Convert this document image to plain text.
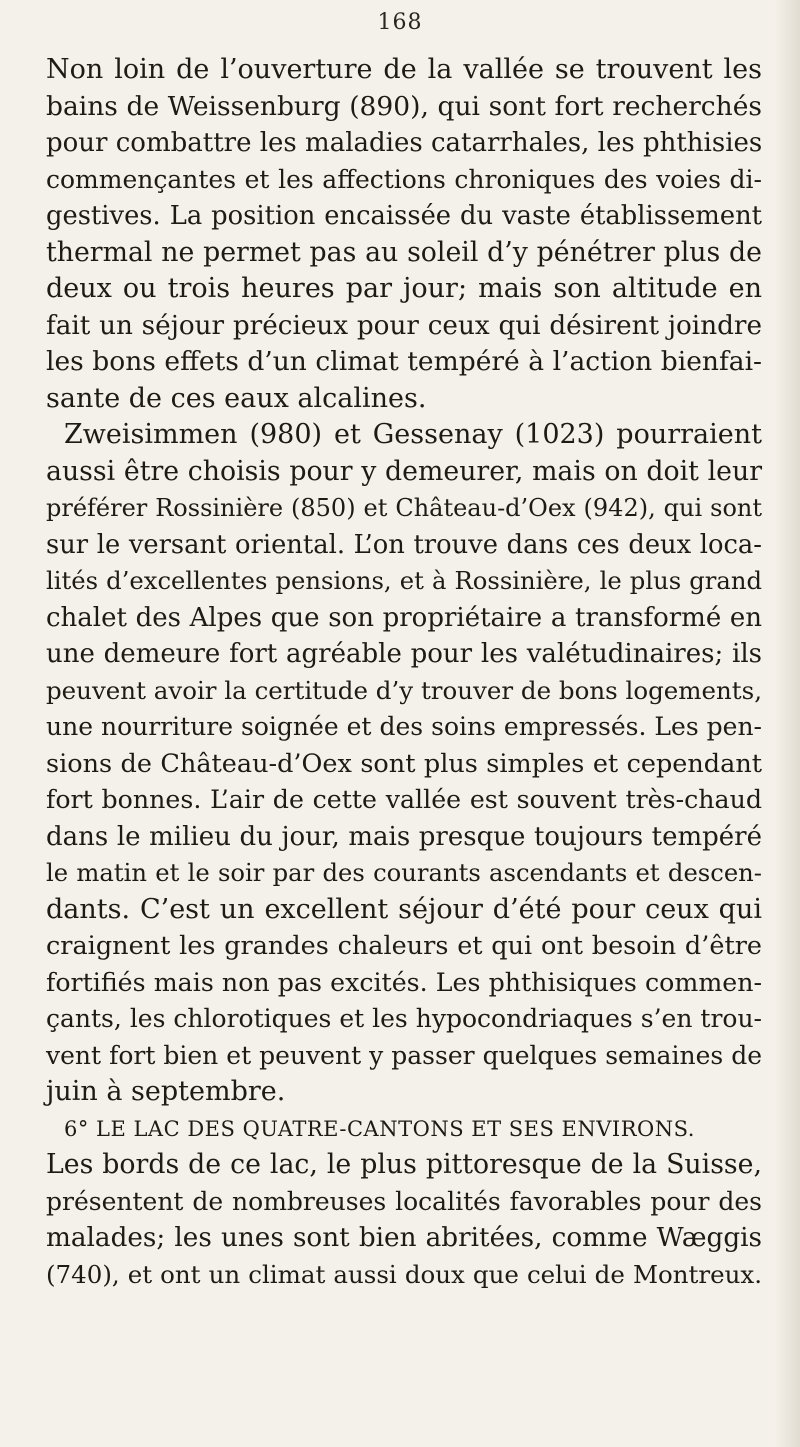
168
Non loin de l’ouverture de la vallée se trouvent les
bains de Weissenburg (890), qui sont fort recherchés
pour combattre les maladies catarrhales, les phthisies
commençantes et les affections chroniques des voies di-
gestives. La position encaissée du vaste établissement
thermal ne permet pas au soleil d’y pénétrer plus de
deux ou trois heures par jour; mais son altitude en
fait un séjour précieux pour ceux qui désirent joindre
les bons effets d’un climat tempéré à l’action bienfai-
sante de ces eaux alcalines.
Zweisimmen (980) et Gessenay (1023) pourraient
aussi être choisis pour y demeurer, mais on doit leur
préférer Rossinière (850) et Château-d’Oex (942), qui sont
sur le versant oriental. L’on trouve dans ces deux loca-
lités d’excellentes pensions, et à Rossinière, le plus grand
chalet des Alpes que son propriétaire a transformé en
une demeure fort agréable pour les valétudinaires; ils
peuvent avoir la certitude d’y trouver de bons logements,
une nourriture soignée et des soins empressés. Les pen-
sions de Château-d’Oex sont plus simples et cependant
fort bonnes. L’air de cette vallée est souvent très-chaud
dans le milieu du jour, mais presque toujours tempéré
le matin et le soir par des courants ascendants et descen-
dants. C’est un excellent séjour d’été pour ceux qui
craignent les grandes chaleurs et qui ont besoin d’être
fortifiés mais non pas excités. Les phthisiques commen-
çants, les chlorotiques et les hypocondriaques s’en trou-
vent fort bien et peuvent y passer quelques semaines de
juin à septembre.
6° LE LAC DES QUATRE-CANTONS ET SES ENVIRONS.
Les bords de ce lac, le plus pittoresque de la Suisse,
présentent de nombreuses localités favorables pour des
malades; les unes sont bien abritées, comme Wæggis
(740), et ont un climat aussi doux que celui de Montreux.
